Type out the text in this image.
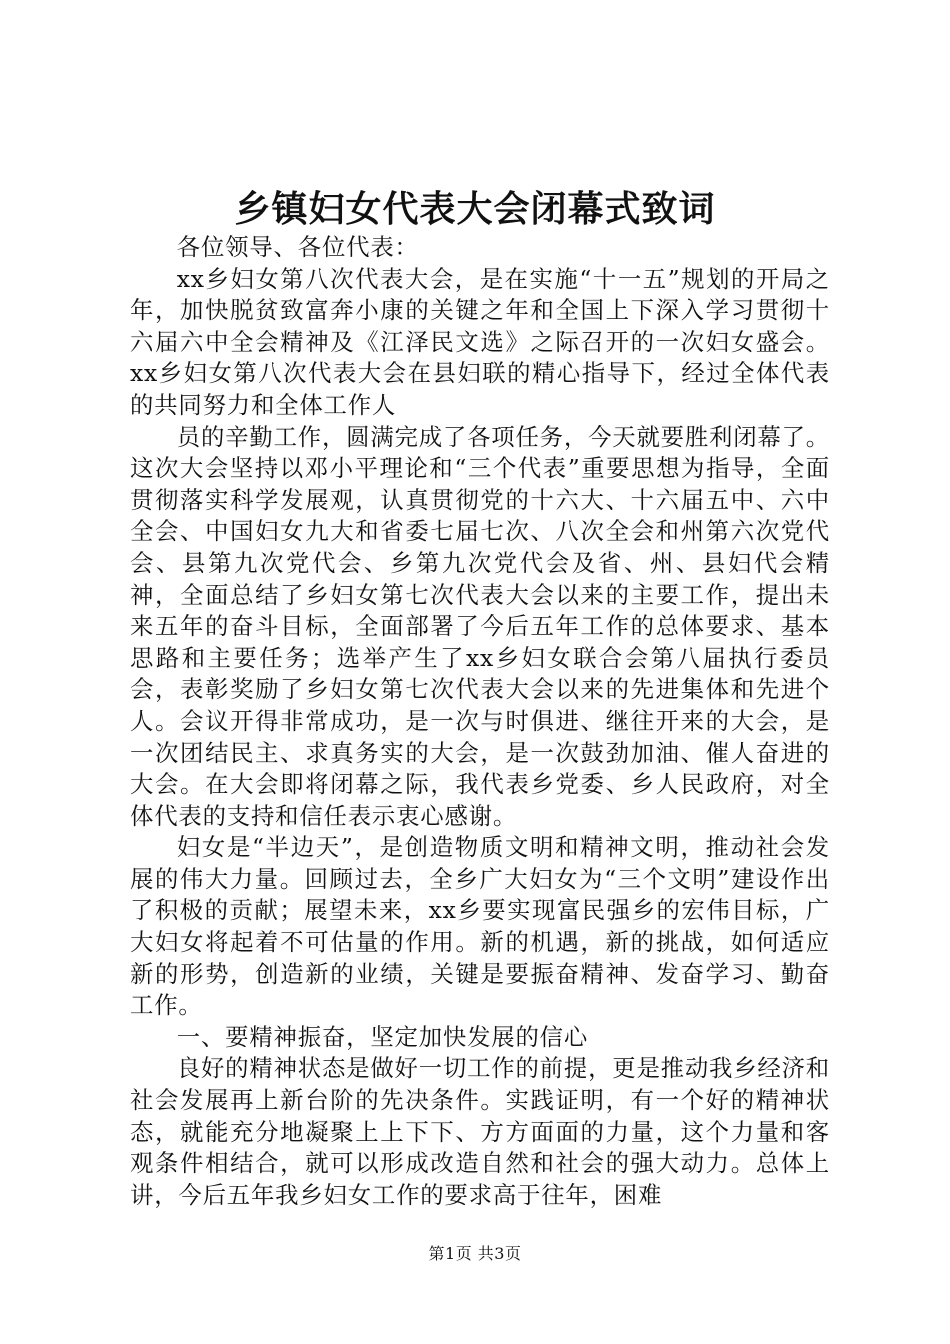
乡镇妇女代表大会闭幕式致词

各位领导、各位代表：

xx乡妇女第八次代表大会，是在实施“十一五”规划的开局之年，加快脱贫致富奔小康的关键之年和全国上下深入学习贯彻十六届六中全会精神及《江泽民文选》之际召开的一次妇女盛会。xx乡妇女第八次代表大会在县妇联的精心指导下，经过全体代表的共同努力和全体工作人

员的辛勤工作，圆满完成了各项任务，今天就要胜利闭幕了。这次大会坚持以邓小平理论和“三个代表”重要思想为指导，全面贯彻落实科学发展观，认真贯彻党的十六大、十六届五中、六中全会、中国妇女九大和省委七届七次、八次全会和州第六次党代会、县第九次党代会、乡第九次党代会及省、州、县妇代会精神，全面总结了乡妇女第七次代表大会以来的主要工作，提出未来五年的奋斗目标，全面部署了今后五年工作的总体要求、基本思路和主要任务；选举产生了xx乡妇女联合会第八届执行委员会，表彰奖励了乡妇女第七次代表大会以来的先进集体和先进个人。会议开得非常成功，是一次与时俱进、继往开来的大会，是一次团结民主、求真务实的大会，是一次鼓劲加油、催人奋进的大会。在大会即将闭幕之际，我代表乡党委、乡人民政府，对全体代表的支持和信任表示衷心感谢。

妇女是“半边天”，是创造物质文明和精神文明，推动社会发展的伟大力量。回顾过去，全乡广大妇女为“三个文明”建设作出了积极的贡献；展望未来，xx乡要实现富民强乡的宏伟目标，广大妇女将起着不可估量的作用。新的机遇，新的挑战，如何适应新的形势，创造新的业绩，关键是要振奋精神、发奋学习、勤奋工作。

一、要精神振奋，坚定加快发展的信心

良好的精神状态是做好一切工作的前提，更是推动我乡经济和社会发展再上新台阶的先决条件。实践证明，有一个好的精神状态，就能充分地凝聚上上下下、方方面面的力量，这个力量和客观条件相结合，就可以形成改造自然和社会的强大动力。总体上讲，今后五年我乡妇女工作的要求高于往年，困难

第1页 共3页
